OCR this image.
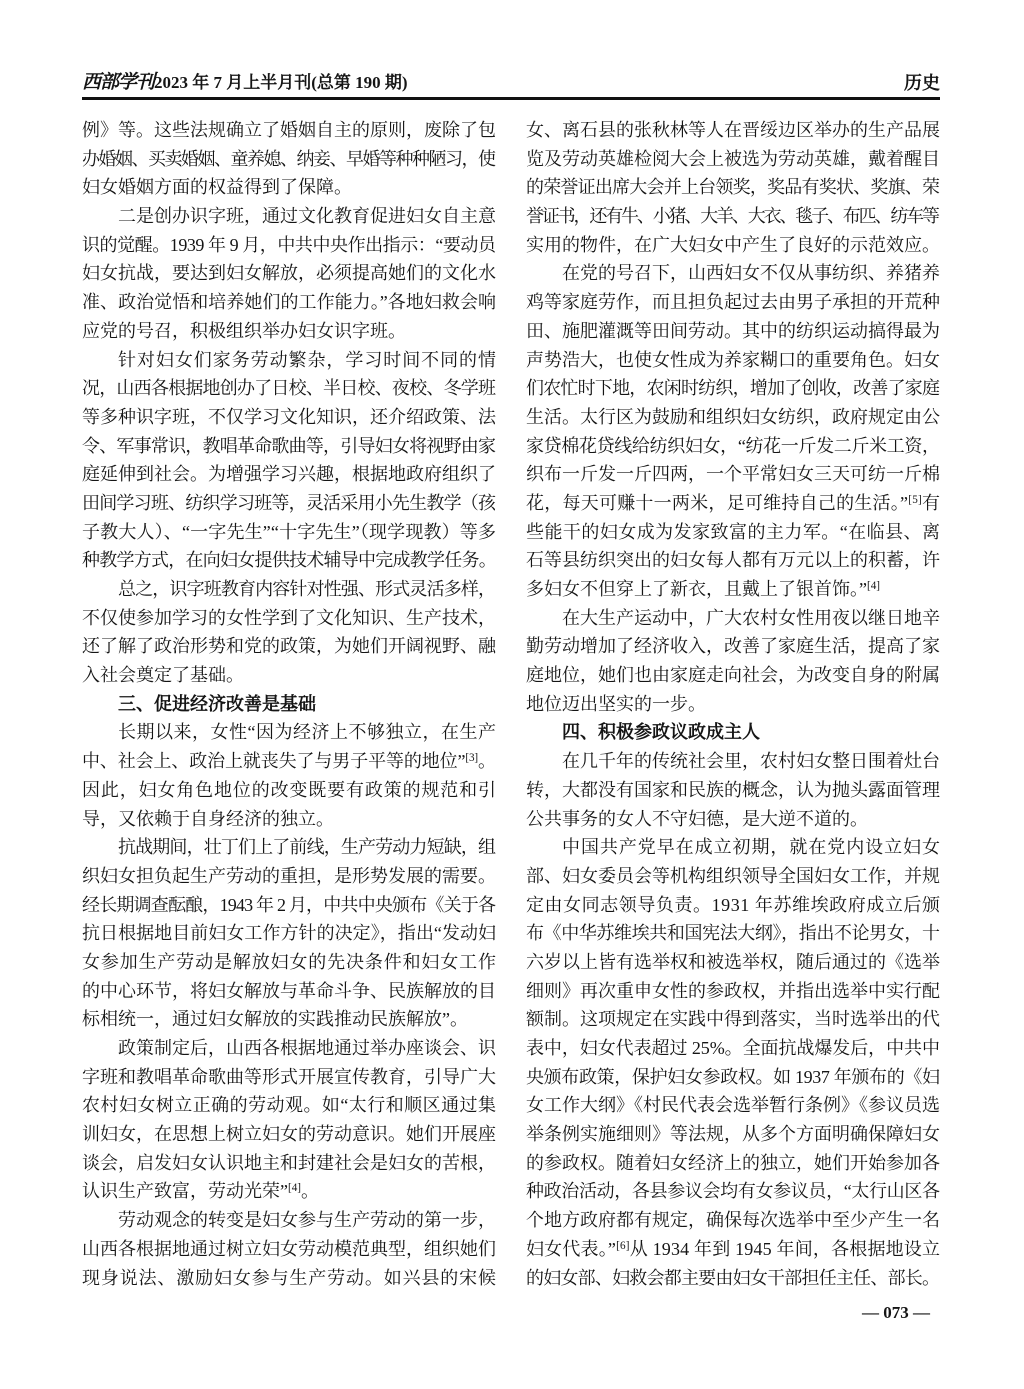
西部学刊2023 年 7 月上半月刊(总第 190 期)	历史
例》等。这些法规确立了婚姻自主的原则，废除了包
办婚姻、买卖婚姻、童养媳、纳妾、早婚等种种陋习，使
妇女婚姻方面的权益得到了保障。
二是创办识字班，通过文化教育促进妇女自主意
识的觉醒。1939 年 9 月，中共中央作出指示：“要动员
妇女抗战，要达到妇女解放，必须提高她们的文化水
准、政治觉悟和培养她们的工作能力。”各地妇救会响
应党的号召，积极组织举办妇女识字班。
针对妇女们家务劳动繁杂，学习时间不同的情
况，山西各根据地创办了日校、半日校、夜校、冬学班
等多种识字班，不仅学习文化知识，还介绍政策、法
令、军事常识，教唱革命歌曲等，引导妇女将视野由家
庭延伸到社会。为增强学习兴趣，根据地政府组织了
田间学习班、纺织学习班等，灵活采用小先生教学（孩
子教大人）、“一字先生”“十字先生”（现学现教）等多
种教学方式，在向妇女提供技术辅导中完成教学任务。
总之，识字班教育内容针对性强、形式灵活多样，
不仅使参加学习的女性学到了文化知识、生产技术，
还了解了政治形势和党的政策，为她们开阔视野、融
入社会奠定了基础。
三、促进经济改善是基础
长期以来，女性“因为经济上不够独立，在生产
中、社会上、政治上就丧失了与男子平等的地位”[3]。
因此，妇女角色地位的改变既要有政策的规范和引
导，又依赖于自身经济的独立。
抗战期间，壮丁们上了前线，生产劳动力短缺，组
织妇女担负起生产劳动的重担，是形势发展的需要。
经长期调查酝酿，1943 年 2 月，中共中央颁布《关于各
抗日根据地目前妇女工作方针的决定》，指出“发动妇
女参加生产劳动是解放妇女的先决条件和妇女工作
的中心环节，将妇女解放与革命斗争、民族解放的目
标相统一，通过妇女解放的实践推动民族解放”。
政策制定后，山西各根据地通过举办座谈会、识
字班和教唱革命歌曲等形式开展宣传教育，引导广大
农村妇女树立正确的劳动观。如“太行和顺区通过集
训妇女，在思想上树立妇女的劳动意识。她们开展座
谈会，启发妇女认识地主和封建社会是妇女的苦根，
认识生产致富，劳动光荣”[4]。
劳动观念的转变是妇女参与生产劳动的第一步，
山西各根据地通过树立妇女劳动模范典型，组织她们
现身说法、激励妇女参与生产劳动。如兴县的宋候
女、离石县的张秋林等人在晋绥边区举办的生产品展
览及劳动英雄检阅大会上被选为劳动英雄，戴着醒目
的荣誉证出席大会并上台领奖，奖品有奖状、奖旗、荣
誉证书，还有牛、小猪、大羊、大衣、毯子、布匹、纺车等
实用的物件，在广大妇女中产生了良好的示范效应。
在党的号召下，山西妇女不仅从事纺织、养猪养
鸡等家庭劳作，而且担负起过去由男子承担的开荒种
田、施肥灌溉等田间劳动。其中的纺织运动搞得最为
声势浩大，也使女性成为养家糊口的重要角色。妇女
们农忙时下地，农闲时纺织，增加了创收，改善了家庭
生活。太行区为鼓励和组织妇女纺织，政府规定由公
家贷棉花贷线给纺织妇女，“纺花一斤发二斤米工资，
织布一斤发一斤四两，一个平常妇女三天可纺一斤棉
花，每天可赚十一两米，足可维持自己的生活。”[5]有
些能干的妇女成为发家致富的主力军。“在临县、离
石等县纺织突出的妇女每人都有万元以上的积蓄，许
多妇女不但穿上了新衣，且戴上了银首饰。”[4]
在大生产运动中，广大农村女性用夜以继日地辛
勤劳动增加了经济收入，改善了家庭生活，提高了家
庭地位，她们也由家庭走向社会，为改变自身的附属
地位迈出坚实的一步。
四、积极参政议政成主人
在几千年的传统社会里，农村妇女整日围着灶台
转，大都没有国家和民族的概念，认为抛头露面管理
公共事务的女人不守妇德，是大逆不道的。
中国共产党早在成立初期，就在党内设立妇女
部、妇女委员会等机构组织领导全国妇女工作，并规
定由女同志领导负责。1931 年苏维埃政府成立后颁
布《中华苏维埃共和国宪法大纲》，指出不论男女，十
六岁以上皆有选举权和被选举权，随后通过的《选举
细则》再次重申女性的参政权，并指出选举中实行配
额制。这项规定在实践中得到落实，当时选举出的代
表中，妇女代表超过 25%。全面抗战爆发后，中共中
央颁布政策，保护妇女参政权。如 1937 年颁布的《妇
女工作大纲》《村民代表会选举暂行条例》《参议员选
举条例实施细则》等法规，从多个方面明确保障妇女
的参政权。随着妇女经济上的独立，她们开始参加各
种政治活动，各县参议会均有女参议员，“太行山区各
个地方政府都有规定，确保每次选举中至少产生一名
妇女代表。”[6]从 1934 年到 1945 年间，各根据地设立
的妇女部、妇救会都主要由妇女干部担任主任、部长。
— 073 —
